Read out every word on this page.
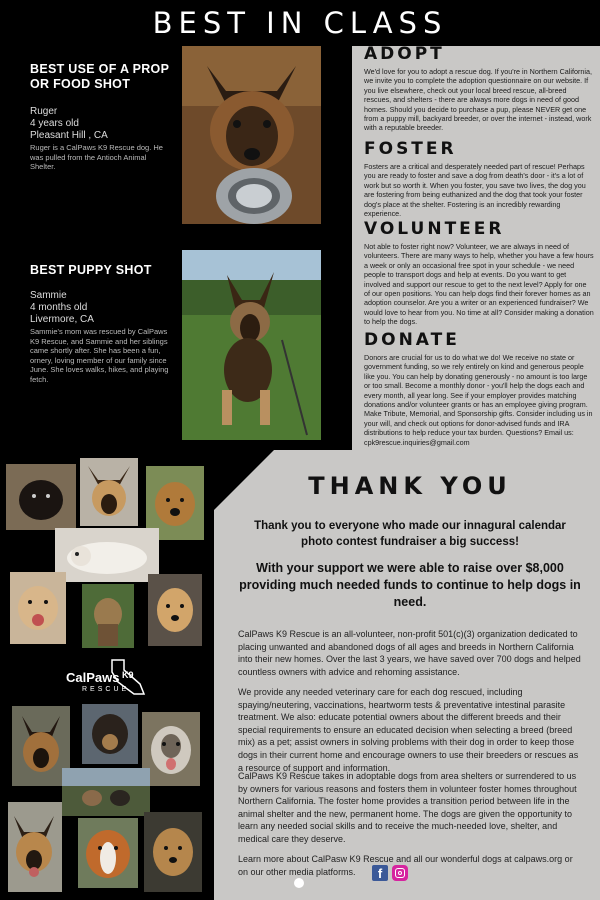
BEST IN CLASS
BEST USE OF A PROP OR FOOD SHOT
Ruger
4 years old
Pleasant Hill , CA
Ruger is a CalPaws K9 Rescue dog. He was pulled from the Antioch Animal Shelter.
BEST PUPPY SHOT
Sammie
4 months old
Livermore, CA
Sammie's mom was rescued by CalPaws K9 Rescue, and Sammie and her siblings came shortly after. She has been a fun, ornery, loving member of our family since June. She loves walks, hikes, and playing fetch.
ADOPT
We'd love for you to adopt a rescue dog. If you're in Northern California, we invite you to complete the adoption questionnaire on our website. If you live elsewhere, check out your local breed rescue, all-breed rescues, and shelters - there are always more dogs in need of good homes. Should you decide to purchase a pup, please NEVER get one from a puppy mill, backyard breeder, or over the internet - instead, work with a reputable breeder.
FOSTER
Fosters are a critical and desperately needed part of rescue! Perhaps you are ready to foster and save a dog from death's door - it's a lot of work but so worth it. When you foster, you save two lives, the dog you are fostering from being euthanized and the dog that took your foster dog's place at the shelter. Fostering is an incredibly rewarding experience.
VOLUNTEER
Not able to foster right now? Volunteer, we are always in need of volunteers. There are many ways to help, whether you have a few hours a week or only an occasional free spot in your schedule - we need people to transport dogs and help at events. Do you want to get involved and support our rescue to get to the next level? Apply for one of our open positions. You can help dogs find their forever homes as an adoption counselor. Are you a writer or an experienced fundraiser? We would love to hear from you. No time at all? Consider making a donation to help the dogs.
DONATE
Donors are crucial for us to do what we do! We receive no state or government funding, so we rely entirely on kind and generous people like you. You can help by donating generously - no amount is too large or too small. Become a monthly donor - you'll help the dogs each and every month, all year long. See if your employer provides matching donations and/or volunteer grants or has an employee giving program. Make Tribute, Memorial, and Sponsorship gifts. Consider including us in your will, and check out options for donor-advised funds and IRA distributions to help reduce your tax burden. Questions? Email us: cpk9rescue.inquiries@gmail.com
THANK YOU
Thank you to everyone who made our innagural calendar photo contest fundraiser a big success!
With your support we were able to raise over $8,000 providing much needed funds to continue to help dogs in need.
CalPaws K9 Rescue is an all-volunteer, non-profit 501(c)(3) organization dedicated to placing unwanted and abandoned dogs of all ages and breeds in Northern California into their new homes. Over the last 3 years, we have saved over 700 dogs and helped countless owners with advice and rehoming assistance.
We provide any needed veterinary care for each dog rescued, including spaying/neutering, vaccinations, heartworm tests & preventative intestinal parasite treatment. We also: educate potential owners about the different breeds and their special requirements to ensure an educated decision when selecting a breed (breed mix) as a pet; assist owners in solving problems with their dog in order to keep those dogs in their current home and encourage owners to use their breeders or rescues as a resource of support and information.
CalPaws K9 Rescue takes in adoptable dogs from area shelters or surrendered to us by owners for various reasons and fosters them in volunteer foster homes throughout Northern California. The foster home provides a transition period between life in the animal shelter and the new, permanent home. The dogs are given the opportunity to learn any needed social skills and to receive the much-needed love, shelter, and medical care they deserve.
Learn more about CalPasw K9 Rescue and all our wonderful dogs at calpaws.org or on our other media platforms.	f
CalPaws K9
RESCUE
